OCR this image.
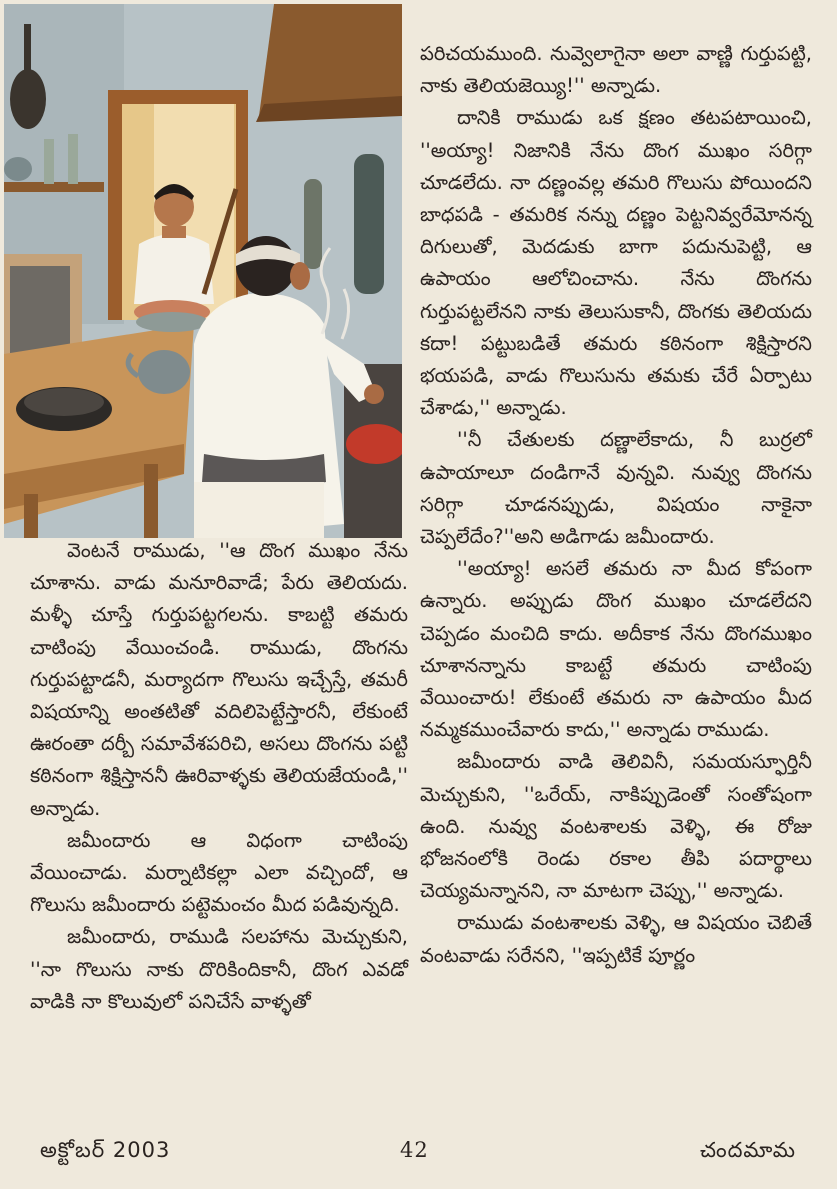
వెంటనే రాముడు, ''ఆ దొంగ ముఖం నేను చూశాను. వాడు మనూరివాడే; పేరు తెలియదు. మళ్ళీ చూస్తే గుర్తుపట్టగలను. కాబట్టి తమరు చాటింపు వేయించండి. రాముడు, దొంగను గుర్తుపట్టాడనీ, మర్యాదగా గొలుసు ఇచ్చేస్తే, తమరీ విషయాన్ని అంతటితో వదిలిపెట్టేస్తారనీ, లేకుంటే ఊరంతా దర్బీ సమావేశపరిచి, అసలు దొంగను పట్టి కఠినంగా శిక్షిస్తాననీ ఊరివాళ్ళకు తెలియజేయండి,'' అన్నాడు.

జమీందారు ఆ విధంగా చాటింపు వేయించాడు. మర్నాటికల్లా ఎలా వచ్చిందో, ఆ గొలుసు జమీందారు పట్టెమంచం మీద పడివున్నది.

జమీందారు, రాముడి సలహాను మెచ్చుకుని, ''నా గొలుసు నాకు దొరికిందికానీ, దొంగ ఎవడో వాడికి నా కొలువులో పనిచేసే వాళ్ళతో

పరిచయముంది. నువ్వెలాగైనా అలా వాణ్ణి గుర్తుపట్టి, నాకు తెలియజెయ్యి!'' అన్నాడు.

దానికి రాముడు ఒక క్షణం తటపటాయించి, ''అయ్యా! నిజానికి నేను దొంగ ముఖం సరిగ్గా చూడలేదు. నా దణ్ణంవల్ల తమరి గొలుసు పోయిందని బాధపడి - తమరిక నన్ను దణ్ణం పెట్టనివ్వరేమోనన్న దిగులుతో, మెదడుకు బాగా పదునుపెట్టి, ఆ ఉపాయం ఆలోచించాను. నేను దొంగను గుర్తుపట్టలేనని నాకు తెలుసుకానీ, దొంగకు తెలియదు కదా! పట్టుబడితే తమరు కఠినంగా శిక్షిస్తారని భయపడి, వాడు గొలుసును తమకు చేరే ఏర్పాటు చేశాడు,'' అన్నాడు.

''నీ చేతులకు దణ్ణాలేకాదు, నీ బుర్రలో ఉపాయాలూ దండిగానే వున్నవి. నువ్వు దొంగను సరిగ్గా చూడనప్పుడు, విషయం నాకైనా చెప్పలేదేం?''అని అడిగాడు జమీందారు.

''అయ్యా! అసలే తమరు నా మీద కోపంగా ఉన్నారు. అప్పుడు దొంగ ముఖం చూడలేదని చెప్పడం మంచిది కాదు. అదీకాక నేను దొంగముఖం చూశానన్నాను కాబట్టే తమరు చాటింపు వేయించారు! లేకుంటే తమరు నా ఉపాయం మీద నమ్మకముంచేవారు కాదు,'' అన్నాడు రాముడు.

జమీందారు వాడి తెలివినీ, సమయస్ఫూర్తినీ మెచ్చుకుని, ''ఒరేయ్, నాకిప్పుడెంతో సంతోషంగా ఉంది. నువ్వు వంటశాలకు వెళ్ళి, ఈ రోజు భోజనంలోకి రెండు రకాల తీపి పదార్థాలు చెయ్యమన్నానని, నా మాటగా చెప్పు,'' అన్నాడు.

రాముడు వంటశాలకు వెళ్ళి, ఆ విషయం చెబితే వంటవాడు సరేనని, ''ఇప్పటికే పూర్ణం

అక్టోబర్ 2003	42	చందమామ
